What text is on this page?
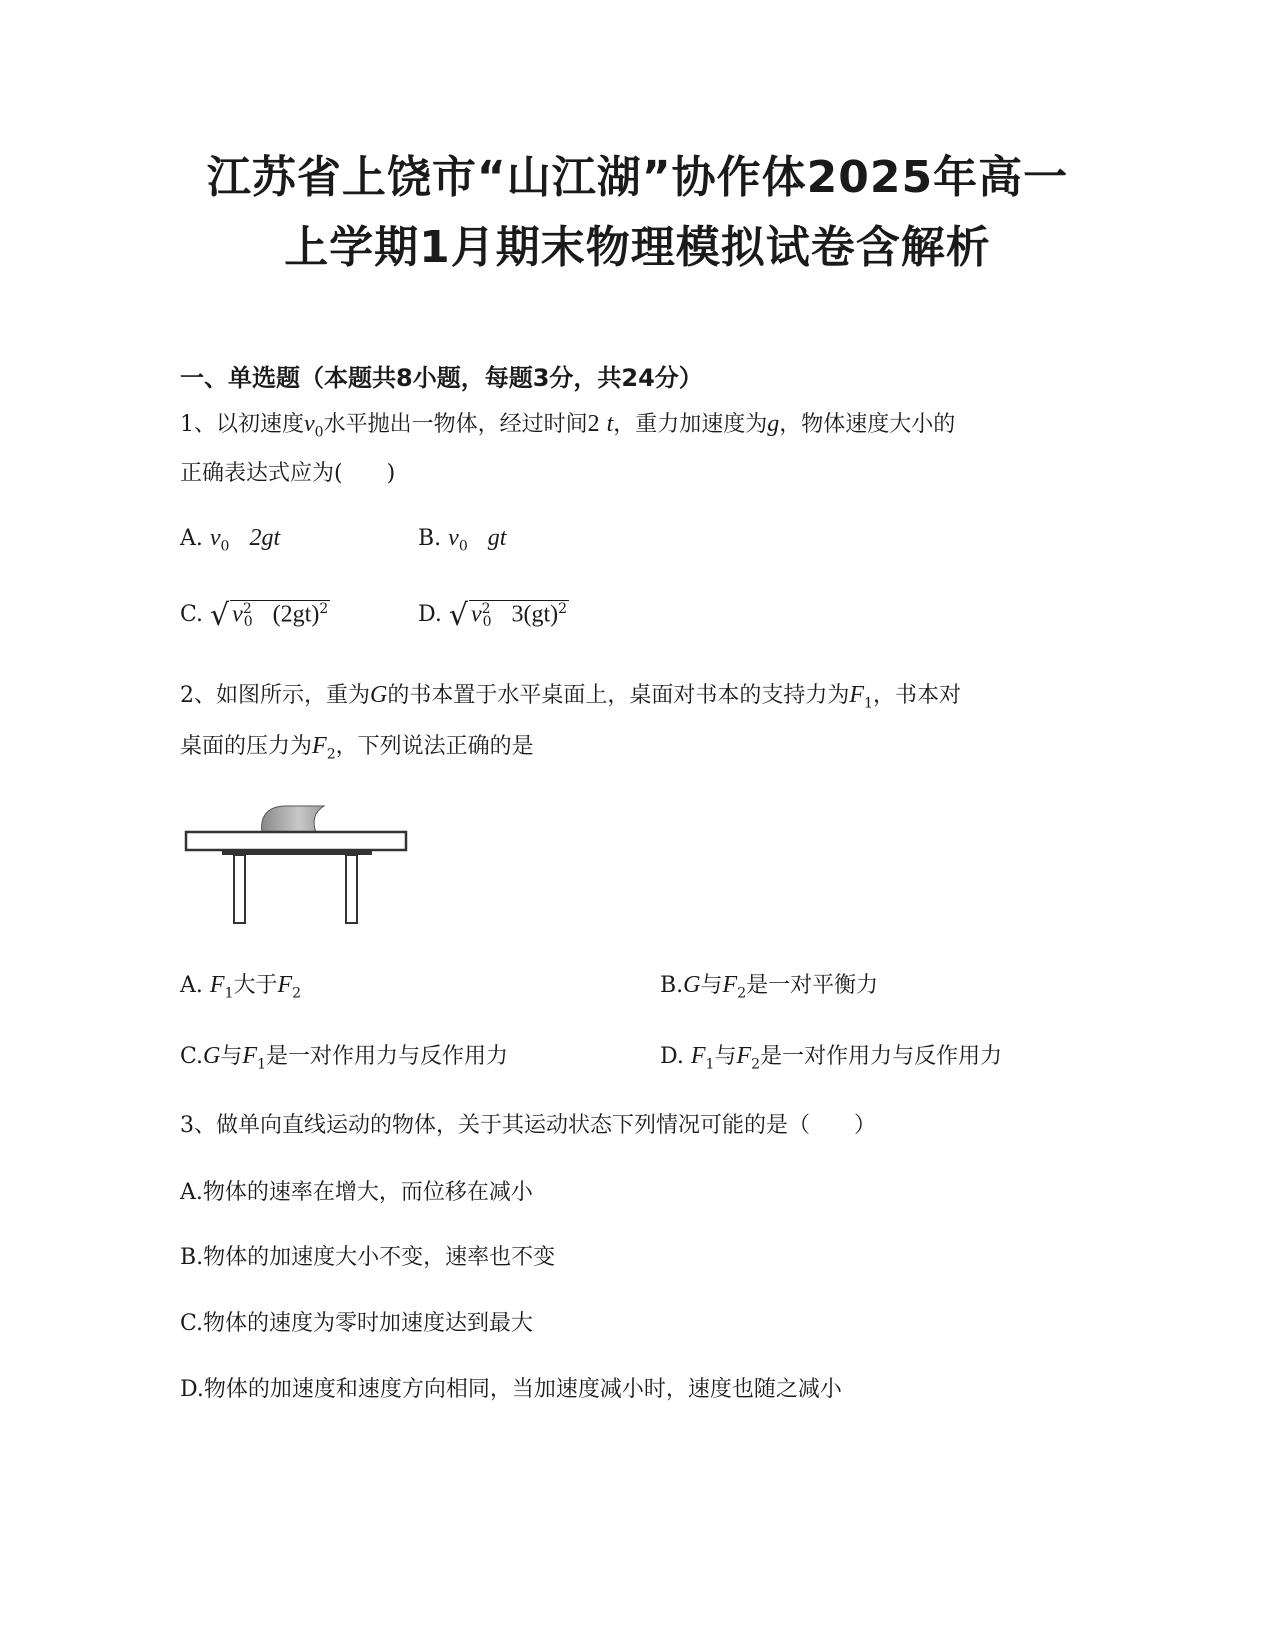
江苏省上饶市“山江湖”协作体2025年高一
上学期1月期末物理模拟试卷含解析
一、单选题（本题共8小题，每题3分，共24分）
1、以初速度$v_0$水平抛出一物体，经过时间2 t，重力加速度为g，物体速度大小的
正确表达式应为(　　)
A. $v_0$ 2gt	B. $v_0$ gt
C. √ $v^2_0$ $(2gt)^2$	D. √ $v^2_0$ 3(gt)$^2$
2、如图所示，重为G的书本置于水平桌面上，桌面对书本的支持力为$F_1$，书本对
桌面的压力为$F_2$，下列说法正确的是
A. $F_1$大于$F_2$	B.G与$F_2$是一对平衡力
C.G与$F_1$是一对作用力与反作用力	D. $F_1$与$F_2$是一对作用力与反作用力
3、做单向直线运动的物体，关于其运动状态下列情况可能的是（　　）
A.物体的速率在增大，而位移在减小
B.物体的加速度大小不变，速率也不变
C.物体的速度为零时加速度达到最大
D.物体的加速度和速度方向相同，当加速度减小时，速度也随之减小
